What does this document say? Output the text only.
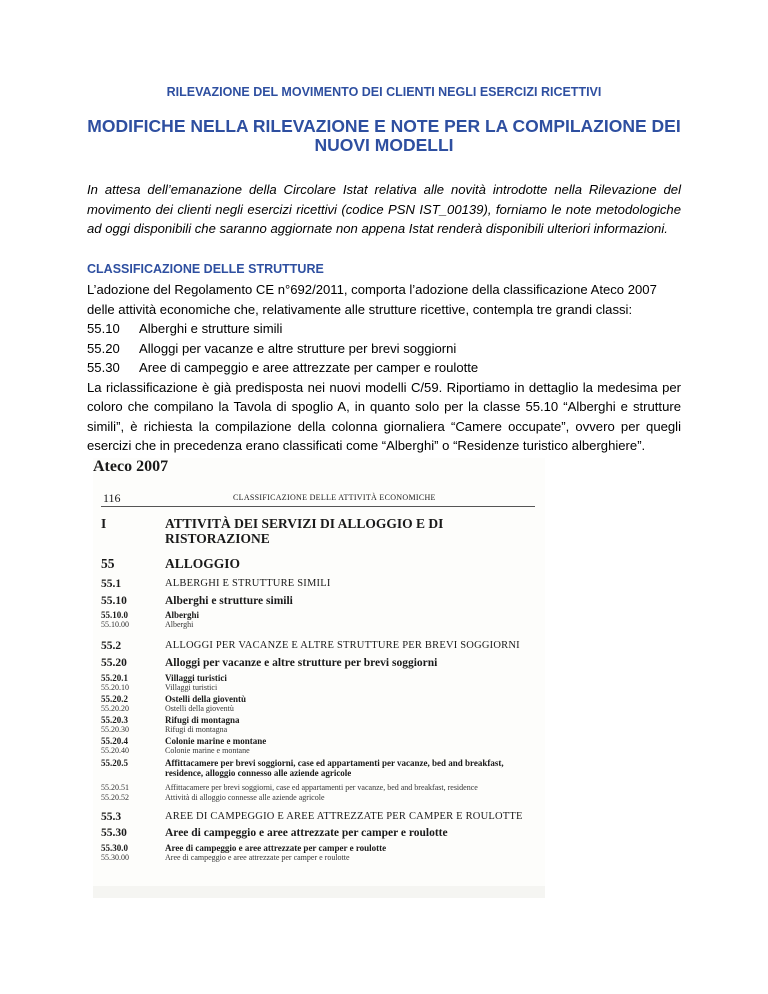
RILEVAZIONE DEL MOVIMENTO DEI CLIENTI NEGLI ESERCIZI RICETTIVI
MODIFICHE NELLA RILEVAZIONE E NOTE PER LA COMPILAZIONE DEI NUOVI MODELLI
In attesa dell’emanazione della Circolare Istat relativa alle novità introdotte nella Rilevazione del movimento dei clienti negli esercizi ricettivi (codice PSN IST_00139), forniamo le note metodologiche ad oggi disponibili che saranno aggiornate non appena Istat renderà disponibili ulteriori informazioni.
CLASSIFICAZIONE DELLE STRUTTURE

L’adozione del Regolamento CE n°692/2011, comporta l’adozione della classificazione Ateco 2007 delle attività economiche che, relativamente alle strutture ricettive, contempla tre grandi classi:

55.10 Alberghi e strutture simili

55.20 Alloggi per vacanze e altre strutture per brevi soggiorni

55.30 Aree di campeggio e aree attrezzate per camper e roulotte

La riclassificazione è già predisposta nei nuovi modelli C/59. Riportiamo in dettaglio la medesima per coloro che compilano la Tavola di spoglio A, in quanto solo per la classe 55.10 “Alberghi e strutture simili”, è richiesta la compilazione della colonna giornaliera “Camere occupate”, ovvero per quegli esercizi che in precedenza erano classificati come “Alberghi” o “Residenze turistico alberghiere”.

Ateco 2007
116	CLASSIFICAZIONE DELLE ATTIVITÀ ECONOMICHE
I	ATTIVITÀ DEI SERVIZI DI ALLOGGIO E DI RISTORAZIONE
55	ALLOGGIO
55.1	ALBERGHI E STRUTTURE SIMILI
55.10	Alberghi e strutture simili
55.10.0	Alberghi
55.10.00	Alberghi
55.2	ALLOGGI PER VACANZE E ALTRE STRUTTURE PER BREVI SOGGIORNI
55.20	Alloggi per vacanze e altre strutture per brevi soggiorni
55.20.1	Villaggi turistici
55.20.10	Villaggi turistici
55.20.2	Ostelli della gioventù
55.20.20	Ostelli della gioventù
55.20.3	Rifugi di montagna
55.20.30	Rifugi di montagna
55.20.4	Colonie marine e montane
55.20.40	Colonie marine e montane
55.20.5	Affittacamere per brevi soggiorni, case ed appartamenti per vacanze, bed and breakfast, residence, alloggio connesso alle aziende agricole
55.20.51	Affittacamere per brevi soggiorni, case ed appartamenti per vacanze, bed and breakfast, residence
55.20.52	Attività di alloggio connesse alle aziende agricole
55.3	AREE DI CAMPEGGIO E AREE ATTREZZATE PER CAMPER E ROULOTTE
55.30	Aree di campeggio e aree attrezzate per camper e roulotte
55.30.0	Aree di campeggio e aree attrezzate per camper e roulotte
55.30.00	Aree di campeggio e aree attrezzate per camper e roulotte
